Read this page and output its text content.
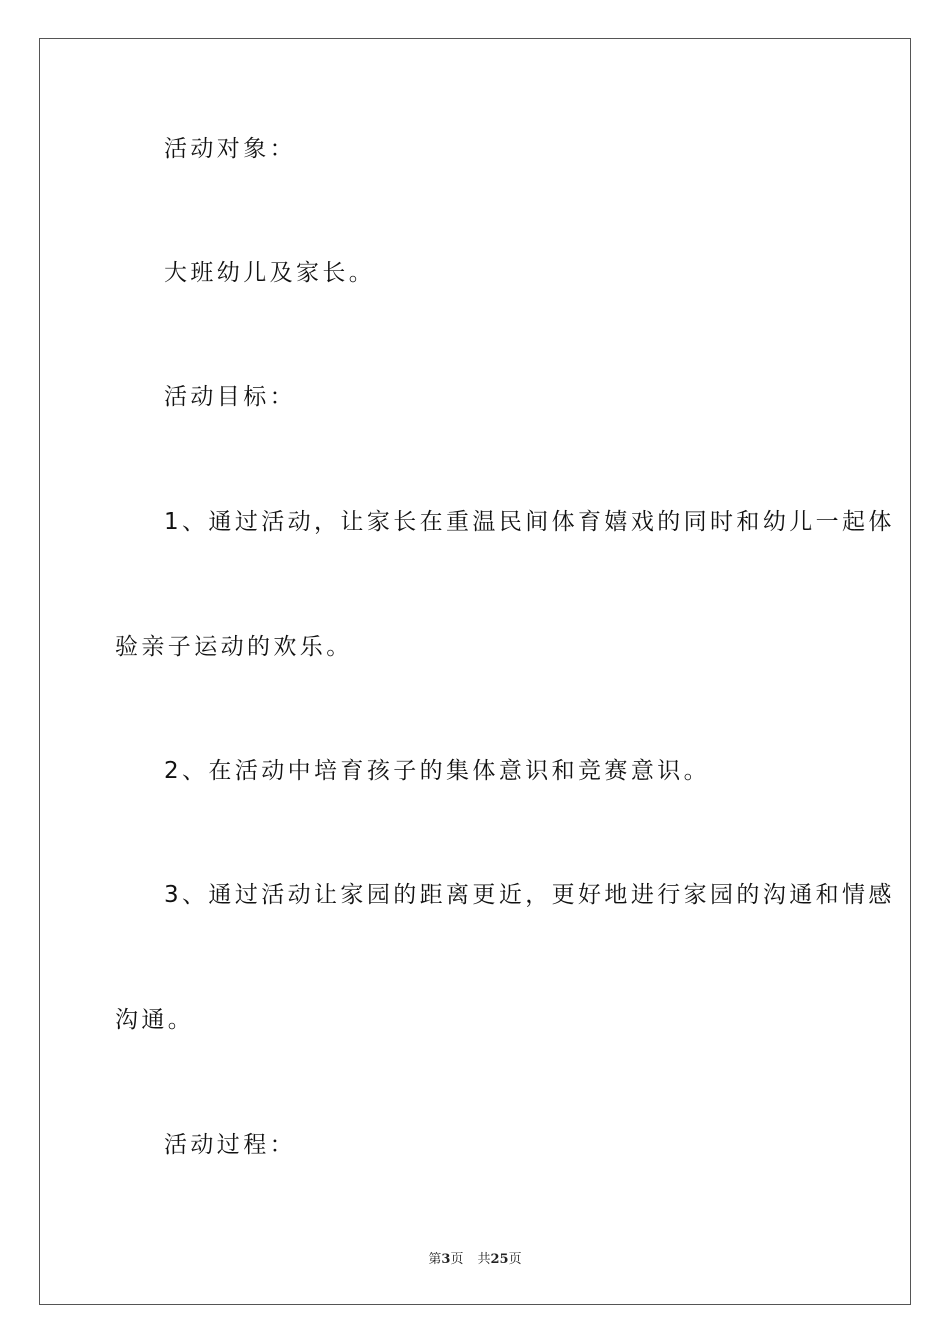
活动对象：
大班幼儿及家长。
活动目标：
1、通过活动，让家长在重温民间体育嬉戏的同时和幼儿一起体
验亲子运动的欢乐。
2、在活动中培育孩子的集体意识和竞赛意识。
3、通过活动让家园的距离更近，更好地进行家园的沟通和情感
沟通。
活动过程：
第3页 共25页
